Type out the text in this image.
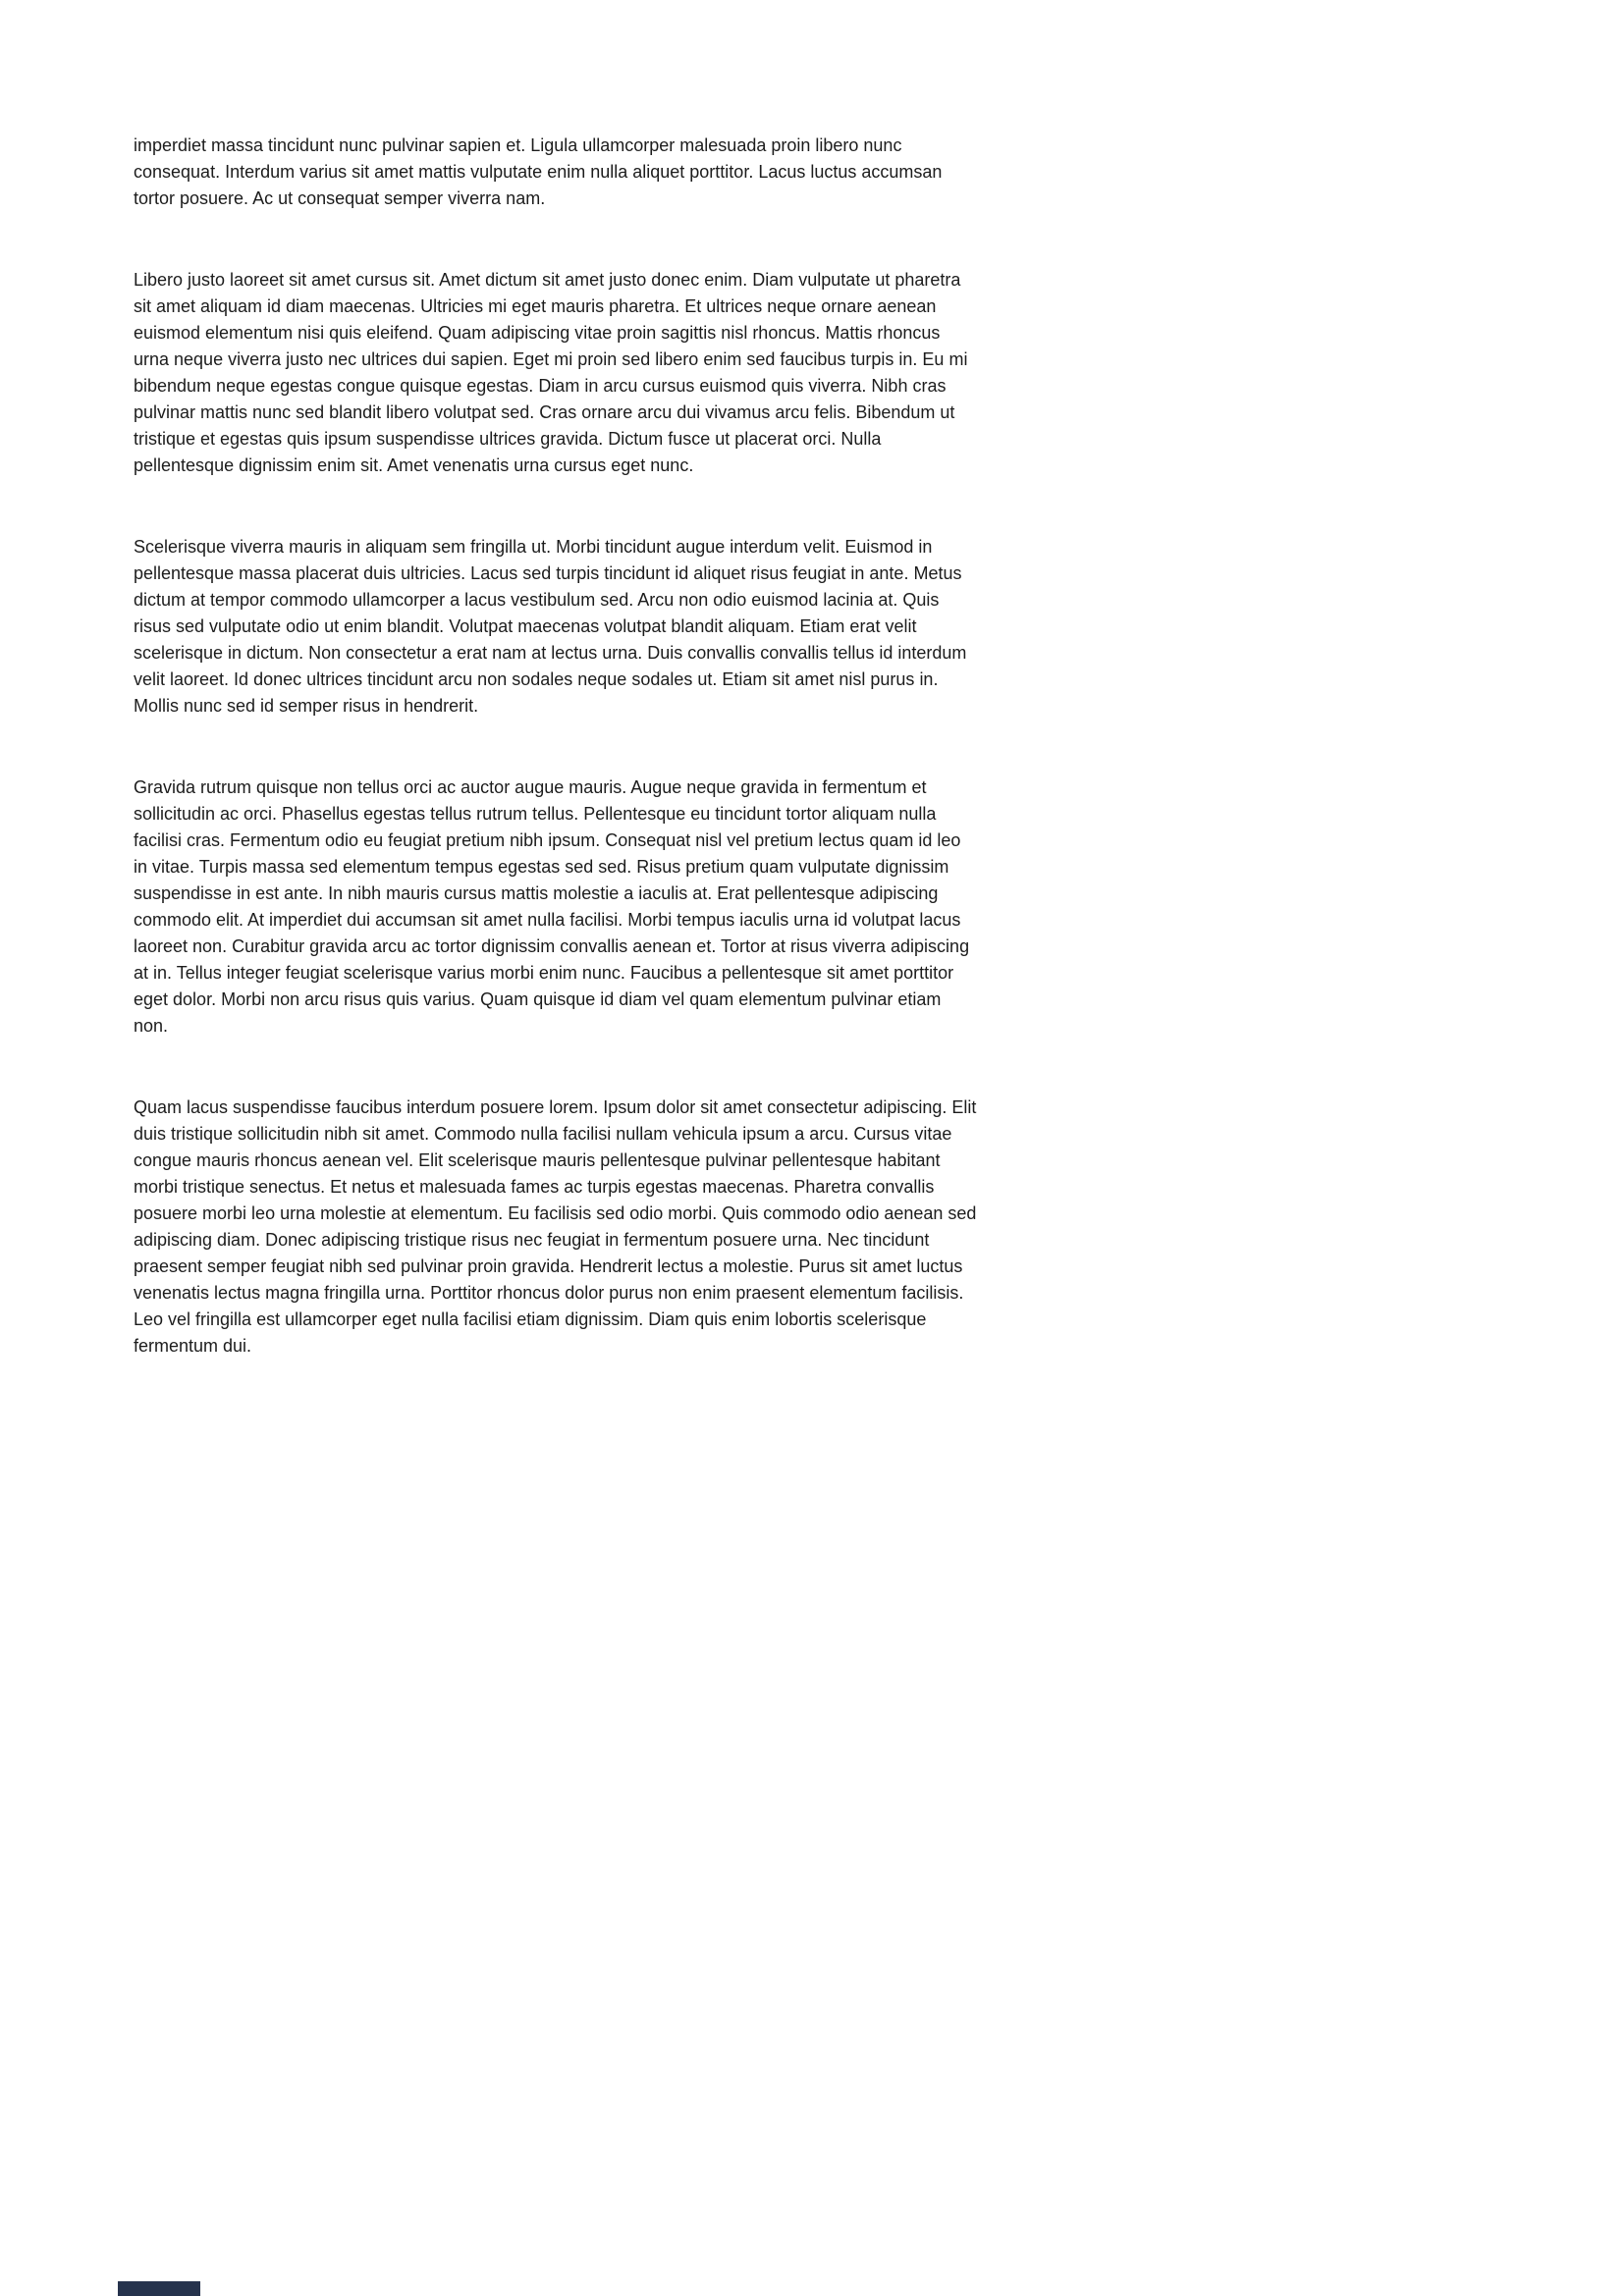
imperdiet massa tincidunt nunc pulvinar sapien et. Ligula ullamcorper malesuada proin libero nunc consequat. Interdum varius sit amet mattis vulputate enim nulla aliquet porttitor. Lacus luctus accumsan tortor posuere. Ac ut consequat semper viverra nam.

Libero justo laoreet sit amet cursus sit. Amet dictum sit amet justo donec enim. Diam vulputate ut pharetra sit amet aliquam id diam maecenas. Ultricies mi eget mauris pharetra. Et ultrices neque ornare aenean euismod elementum nisi quis eleifend. Quam adipiscing vitae proin sagittis nisl rhoncus. Mattis rhoncus urna neque viverra justo nec ultrices dui sapien. Eget mi proin sed libero enim sed faucibus turpis in. Eu mi bibendum neque egestas congue quisque egestas. Diam in arcu cursus euismod quis viverra. Nibh cras pulvinar mattis nunc sed blandit libero volutpat sed. Cras ornare arcu dui vivamus arcu felis. Bibendum ut tristique et egestas quis ipsum suspendisse ultrices gravida. Dictum fusce ut placerat orci. Nulla pellentesque dignissim enim sit. Amet venenatis urna cursus eget nunc.

Scelerisque viverra mauris in aliquam sem fringilla ut. Morbi tincidunt augue interdum velit. Euismod in pellentesque massa placerat duis ultricies. Lacus sed turpis tincidunt id aliquet risus feugiat in ante. Metus dictum at tempor commodo ullamcorper a lacus vestibulum sed. Arcu non odio euismod lacinia at. Quis risus sed vulputate odio ut enim blandit. Volutpat maecenas volutpat blandit aliquam. Etiam erat velit scelerisque in dictum. Non consectetur a erat nam at lectus urna. Duis convallis convallis tellus id interdum velit laoreet. Id donec ultrices tincidunt arcu non sodales neque sodales ut. Etiam sit amet nisl purus in. Mollis nunc sed id semper risus in hendrerit.

Gravida rutrum quisque non tellus orci ac auctor augue mauris. Augue neque gravida in fermentum et sollicitudin ac orci. Phasellus egestas tellus rutrum tellus. Pellentesque eu tincidunt tortor aliquam nulla facilisi cras. Fermentum odio eu feugiat pretium nibh ipsum. Consequat nisl vel pretium lectus quam id leo in vitae. Turpis massa sed elementum tempus egestas sed sed. Risus pretium quam vulputate dignissim suspendisse in est ante. In nibh mauris cursus mattis molestie a iaculis at. Erat pellentesque adipiscing commodo elit. At imperdiet dui accumsan sit amet nulla facilisi. Morbi tempus iaculis urna id volutpat lacus laoreet non. Curabitur gravida arcu ac tortor dignissim convallis aenean et. Tortor at risus viverra adipiscing at in. Tellus integer feugiat scelerisque varius morbi enim nunc. Faucibus a pellentesque sit amet porttitor eget dolor. Morbi non arcu risus quis varius. Quam quisque id diam vel quam elementum pulvinar etiam non.

Quam lacus suspendisse faucibus interdum posuere lorem. Ipsum dolor sit amet consectetur adipiscing. Elit duis tristique sollicitudin nibh sit amet. Commodo nulla facilisi nullam vehicula ipsum a arcu. Cursus vitae congue mauris rhoncus aenean vel. Elit scelerisque mauris pellentesque pulvinar pellentesque habitant morbi tristique senectus. Et netus et malesuada fames ac turpis egestas maecenas. Pharetra convallis posuere morbi leo urna molestie at elementum. Eu facilisis sed odio morbi. Quis commodo odio aenean sed adipiscing diam. Donec adipiscing tristique risus nec feugiat in fermentum posuere urna. Nec tincidunt praesent semper feugiat nibh sed pulvinar proin gravida. Hendrerit lectus a molestie. Purus sit amet luctus venenatis lectus magna fringilla urna. Porttitor rhoncus dolor purus non enim praesent elementum facilisis. Leo vel fringilla est ullamcorper eget nulla facilisi etiam dignissim. Diam quis enim lobortis scelerisque fermentum dui.
